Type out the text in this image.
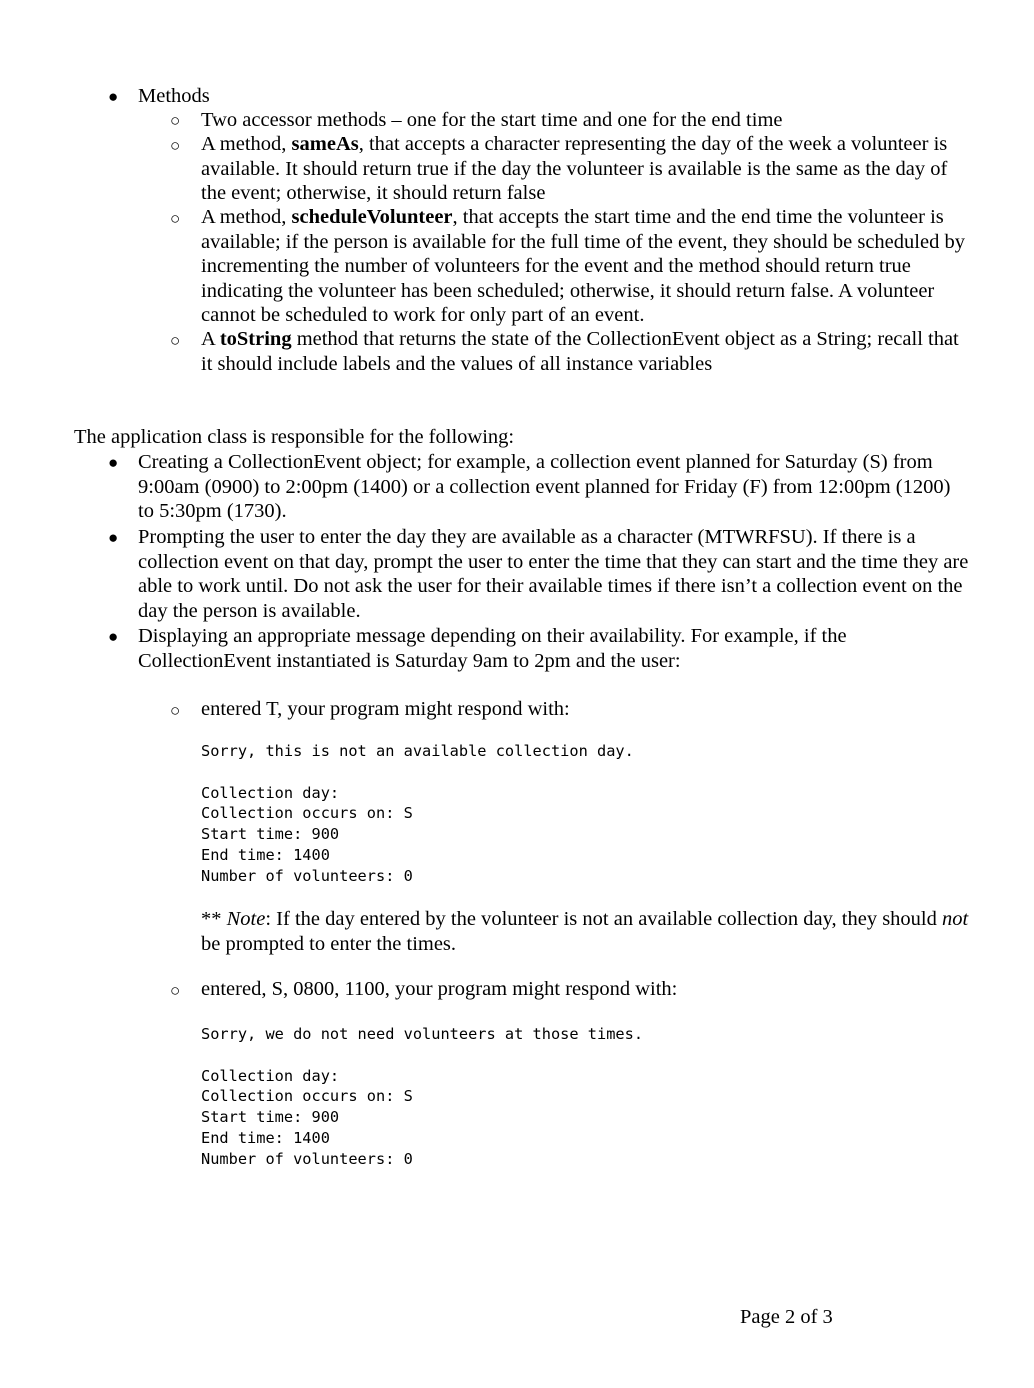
● Methods
○ Two accessor methods – one for the start time and one for the end time
○ A method, sameAs, that accepts a character representing the day of the week a volunteer is available. It should return true if the day the volunteer is available is the same as the day of the event; otherwise, it should return false
○ A method, scheduleVolunteer, that accepts the start time and the end time the volunteer is available; if the person is available for the full time of the event, they should be scheduled by incrementing the number of volunteers for the event and the method should return true indicating the volunteer has been scheduled; otherwise, it should return false. A volunteer cannot be scheduled to work for only part of an event.
○ A toString method that returns the state of the CollectionEvent object as a String; recall that it should include labels and the values of all instance variables
The application class is responsible for the following:
● Creating a CollectionEvent object; for example, a collection event planned for Saturday (S) from 9:00am (0900) to 2:00pm (1400) or a collection event planned for Friday (F) from 12:00pm (1200) to 5:30pm (1730).
● Prompting the user to enter the day they are available as a character (MTWRFSU). If there is a collection event on that day, prompt the user to enter the time that they can start and the time they are able to work until. Do not ask the user for their available times if there isn’t a collection event on the day the person is available.
● Displaying an appropriate message depending on their availability. For example, if the CollectionEvent instantiated is Saturday 9am to 2pm and the user:
○ entered T, your program might respond with:
Sorry, this is not an available collection day.
Collection day:
Collection occurs on: S
Start time: 900
End time: 1400
Number of volunteers: 0
** Note: If the day entered by the volunteer is not an available collection day, they should not be prompted to enter the times.
○ entered, S, 0800, 1100, your program might respond with:
Sorry, we do not need volunteers at those times.
Collection day:
Collection occurs on: S
Start time: 900
End time: 1400
Number of volunteers: 0
Page 2 of 3
